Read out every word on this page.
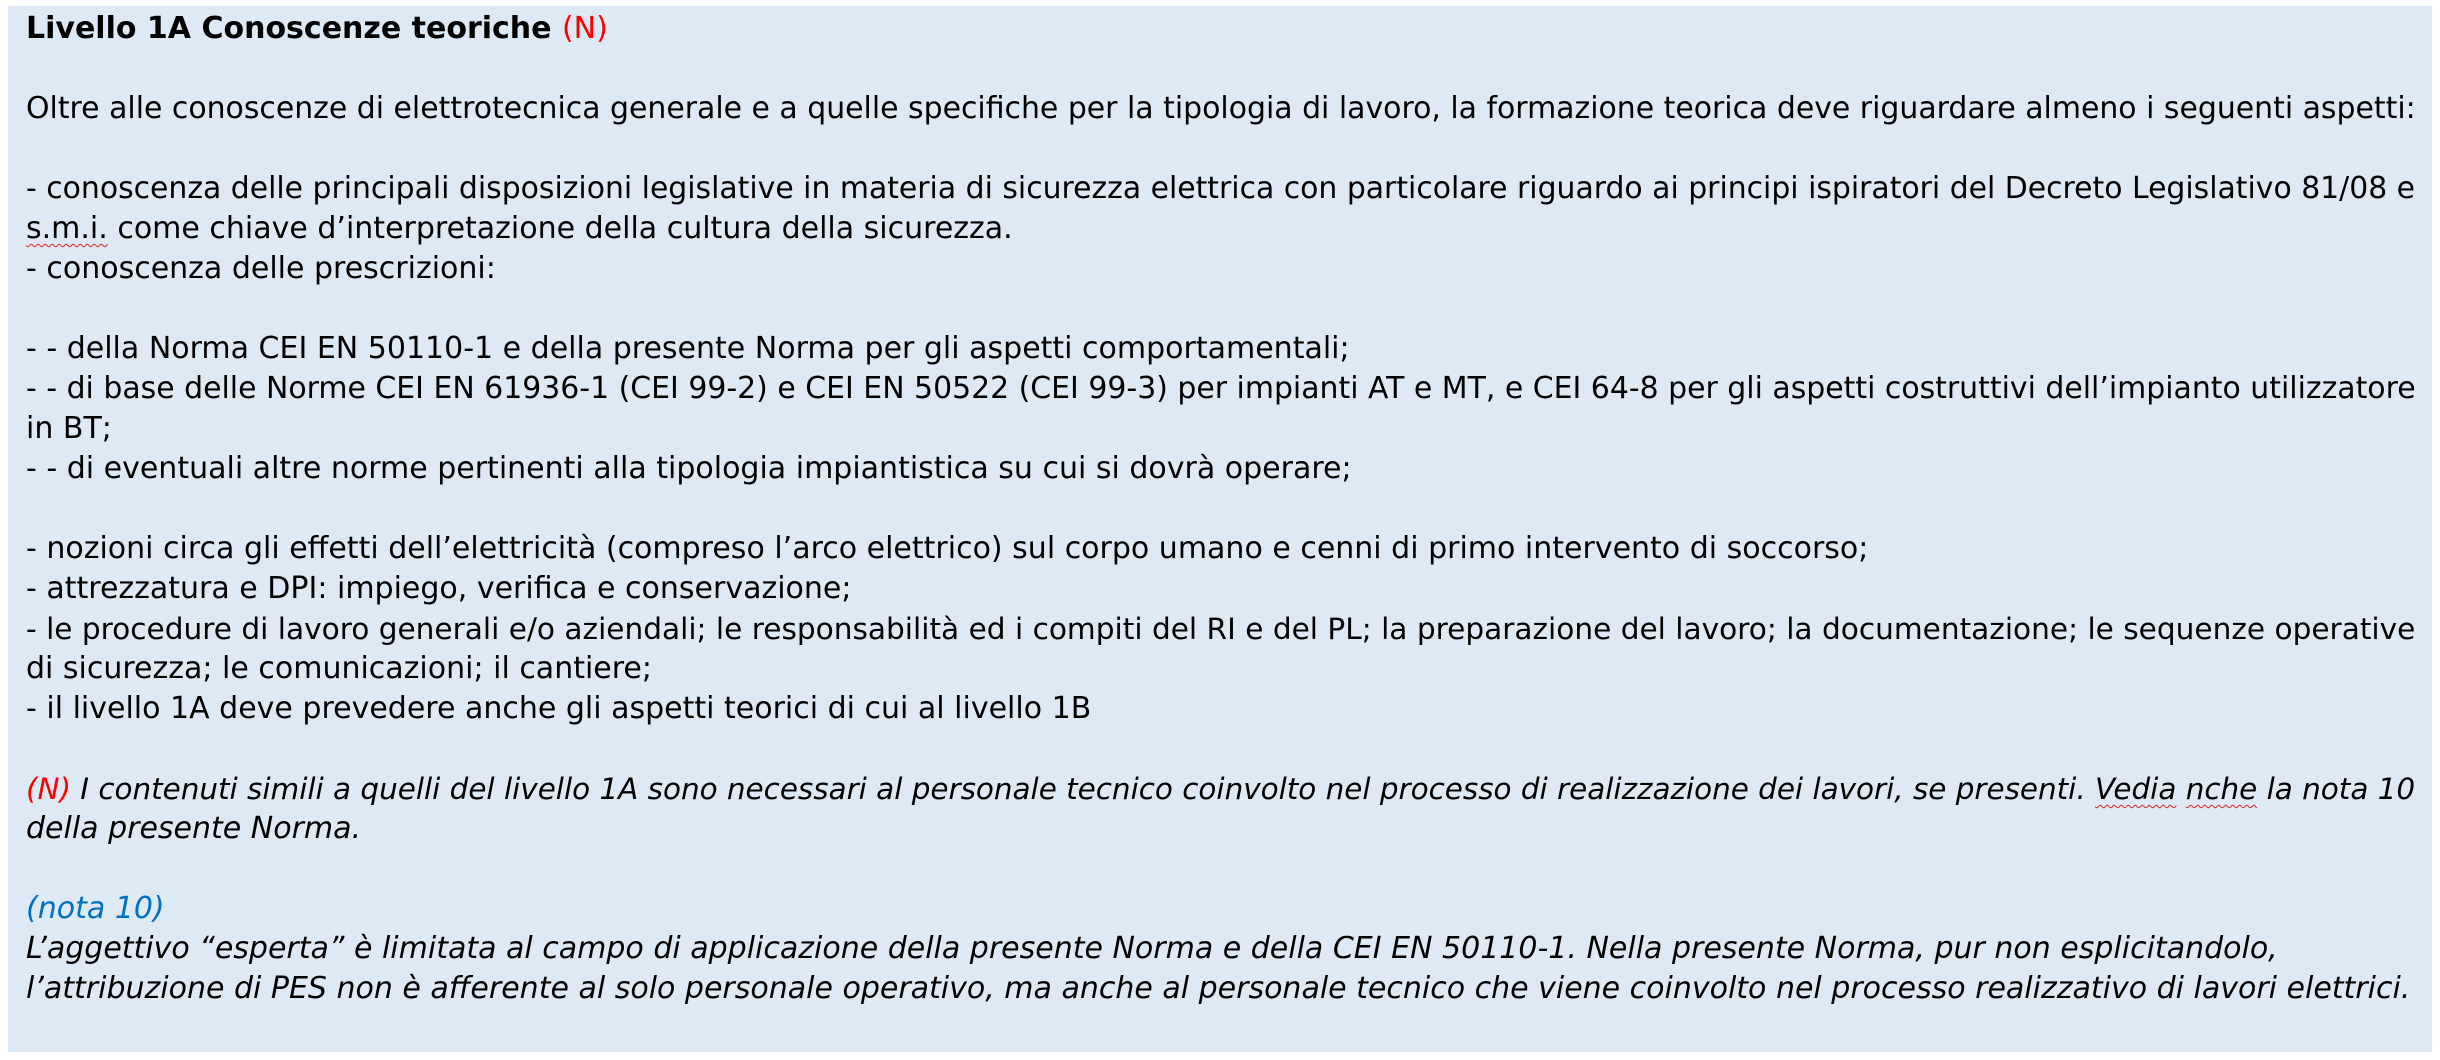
Livello 1A Conoscenze teoriche (N)
Oltre alle conoscenze di elettrotecnica generale e a quelle specifiche per la tipologia di lavoro, la formazione teorica deve riguardare almeno i seguenti aspetti:
- conoscenza delle principali disposizioni legislative in materia di sicurezza elettrica con particolare riguardo ai principi ispiratori del Decreto Legislativo 81/08 e
s.m.i. come chiave d’interpretazione della cultura della sicurezza.
- conoscenza delle prescrizioni:
- - della Norma CEI EN 50110-1 e della presente Norma per gli aspetti comportamentali;
- - di base delle Norme CEI EN 61936-1 (CEI 99-2) e CEI EN 50522 (CEI 99-3) per impianti AT e MT, e CEI 64-8 per gli aspetti costruttivi dell’impianto utilizzatore
in BT;
- - di eventuali altre norme pertinenti alla tipologia impiantistica su cui si dovrà operare;
- nozioni circa gli effetti dell’elettricità (compreso l’arco elettrico) sul corpo umano e cenni di primo intervento di soccorso;
- attrezzatura e DPI: impiego, verifica e conservazione;
- le procedure di lavoro generali e/o aziendali; le responsabilità ed i compiti del RI e del PL; la preparazione del lavoro; la documentazione; le sequenze operative
di sicurezza; le comunicazioni; il cantiere;
- il livello 1A deve prevedere anche gli aspetti teorici di cui al livello 1B
(N) I contenuti simili a quelli del livello 1A sono necessari al personale tecnico coinvolto nel processo di realizzazione dei lavori, se presenti. Vedia nche la nota 10
della presente Norma.
(nota 10)
L’aggettivo “esperta” è limitata al campo di applicazione della presente Norma e della CEI EN 50110-1. Nella presente Norma, pur non esplicitandolo,
l’attribuzione di PES non è afferente al solo personale operativo, ma anche al personale tecnico che viene coinvolto nel processo realizzativo di lavori elettrici.
